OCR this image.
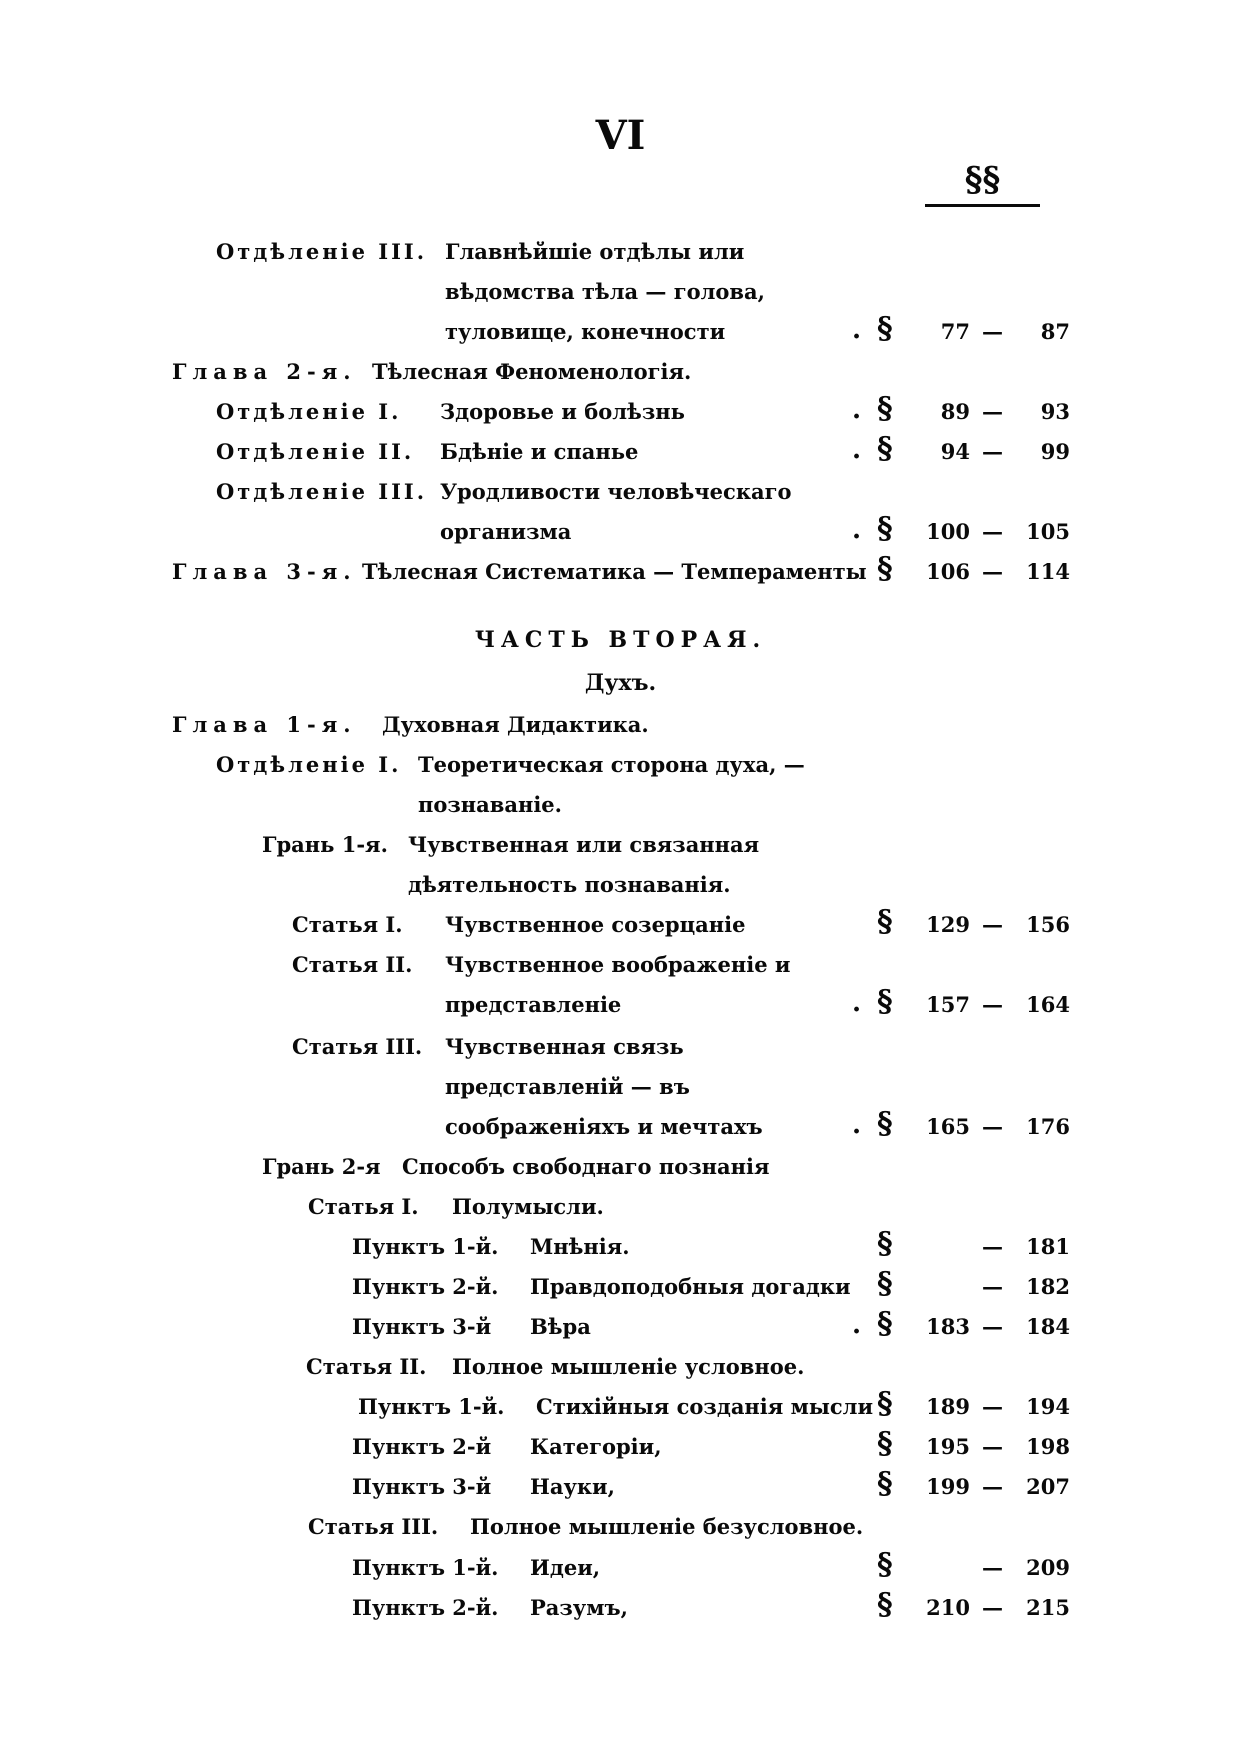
VI
§§
Отдѣленiе III. Главнѣйшiе отдѣлы или вѣдомства тѣла — голова, туловище, конечности	. §	77 —	87
Глава 2-я. Тѣлесная Феноменологiя.
Отдѣленiе I. Здоровье и болѣзнь	. §	89 —	93
Отдѣленiе II. Бдѣнiе и спанье	. §	94 —	99
Отдѣленiе III. Уродливости человѣческаго организма	. §	100 —	105
Глава 3-я. Тѣлесная Систематика — Темпераменты §	106 —	114
ЧАСТЬ ВТОРАЯ.
Духъ.
Глава 1-я. Духовная Дидактика.
Отдѣленiе I. Теоретическая сторона духа, — познаванiе.
Грань 1-я. Чувственная или связанная дѣятельность познаванiя.
Статья I. Чувственное созерцанiе	§	129 —	156
Статья II. Чувственное воображенiе и представленiе	. §	157 —	164
Статья III. Чувственная связь представленiй — въ соображенiяхъ и мечтахъ	. §	165 —	176
Грань 2-я Способъ свободнаго познанiя
Статья I. Полумысли.
Пунктъ 1-й. Мнѣнiя.	§	—	181
Пунктъ 2-й. Правдоподобныя догадки §	—	182
Пунктъ 3-й Вѣра	. §	183 —	184
Статья II. Полное мышленiе условное.
Пунктъ 1-й. Стихiйныя созданiя мысли §	189 —	194
Пунктъ 2-й Категорiи,	§	195 —	198
Пунктъ 3-й Науки,	§	199 —	207
Статья III. Полное мышленiе безусловное.
Пунктъ 1-й. Идеи,	§	—	209
Пунктъ 2-й. Разумъ,	§	210 —	215
